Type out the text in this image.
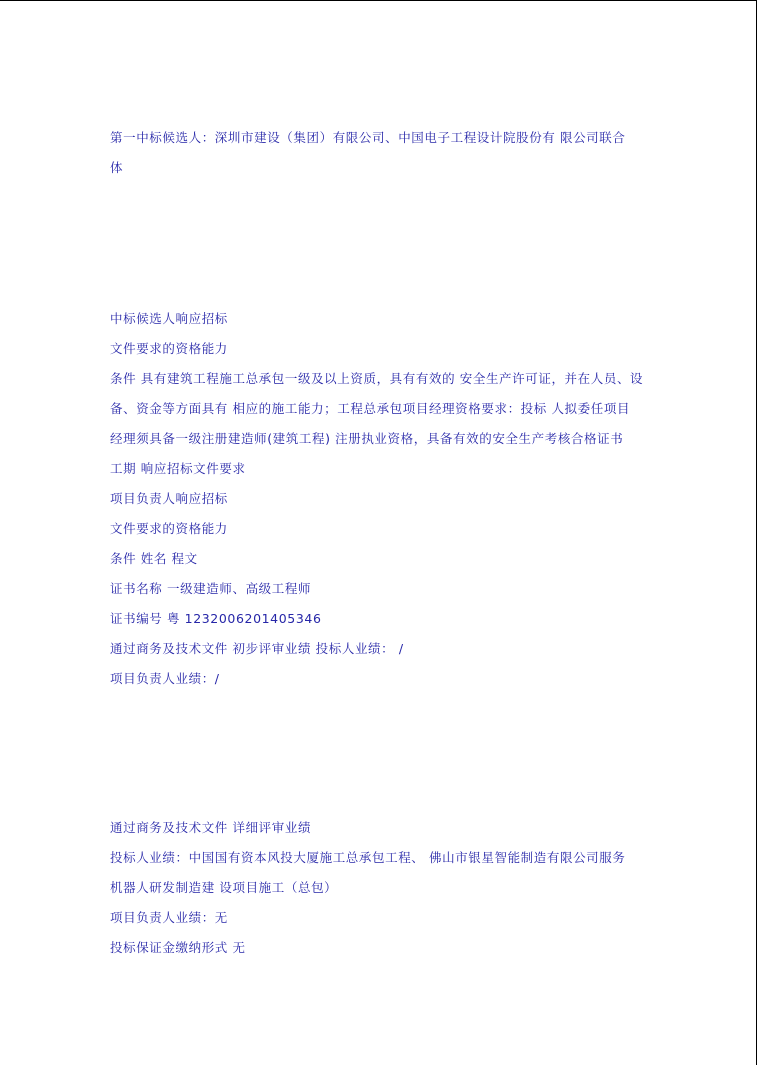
第一中标候选人：深圳市建设（集团）有限公司、中国电子工程设计院股份有 限公司联合
体
中标候选人响应招标
文件要求的资格能力
条件 具有建筑工程施工总承包一级及以上资质，具有有效的 安全生产许可证，并在人员、设
备、资金等方面具有 相应的施工能力；工程总承包项目经理资格要求：投标 人拟委任项目
经理须具备一级注册建造师(建筑工程) 注册执业资格，具备有效的安全生产考核合格证书
工期 响应招标文件要求
项目负责人响应招标
文件要求的资格能力
条件 姓名 程文
证书名称 一级建造师、高级工程师
证书编号 粤 1232006201405346
通过商务及技术文件 初步评审业绩 投标人业绩： /
项目负责人业绩：/
通过商务及技术文件 详细评审业绩
投标人业绩：中国国有资本风投大厦施工总承包工程、 佛山市银星智能制造有限公司服务
机器人研发制造建 设项目施工（总包）
项目负责人业绩：无
投标保证金缴纳形式 无
